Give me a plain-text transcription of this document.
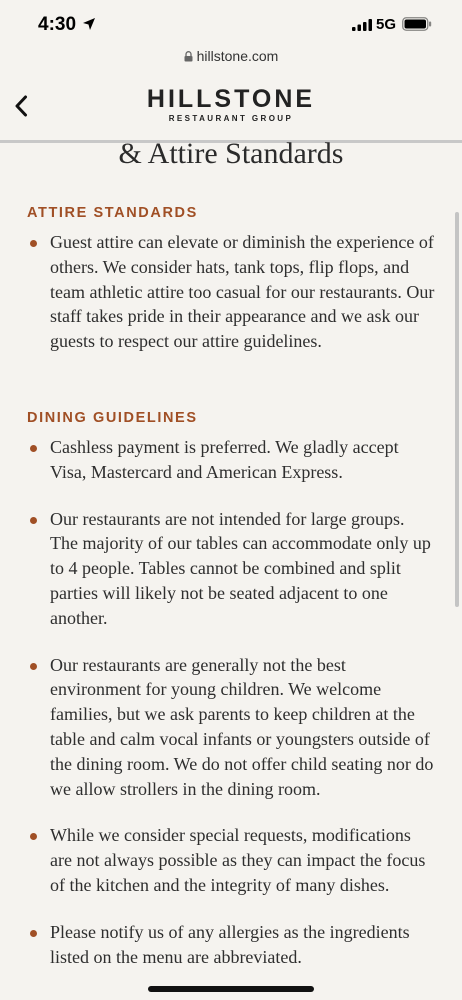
4:30	5G
hillstone.com
HILLSTONE
RESTAURANT GROUP
& Attire Standards
ATTIRE STANDARDS
Guest attire can elevate or diminish the experience of others. We consider hats, tank tops, flip flops, and team athletic attire too casual for our restaurants. Our staff takes pride in their appearance and we ask our guests to respect our attire guidelines.
DINING GUIDELINES
Cashless payment is preferred. We gladly accept Visa, Mastercard and American Express.
Our restaurants are not intended for large groups. The majority of our tables can accommodate only up to 4 people. Tables cannot be combined and split parties will likely not be seated adjacent to one another.
Our restaurants are generally not the best environment for young children. We welcome families, but we ask parents to keep children at the table and calm vocal infants or youngsters outside of the dining room. We do not offer child seating nor do we allow strollers in the dining room.
While we consider special requests, modifications are not always possible as they can impact the focus of the kitchen and the integrity of many dishes.
Please notify us of any allergies as the ingredients listed on the menu are abbreviated.
